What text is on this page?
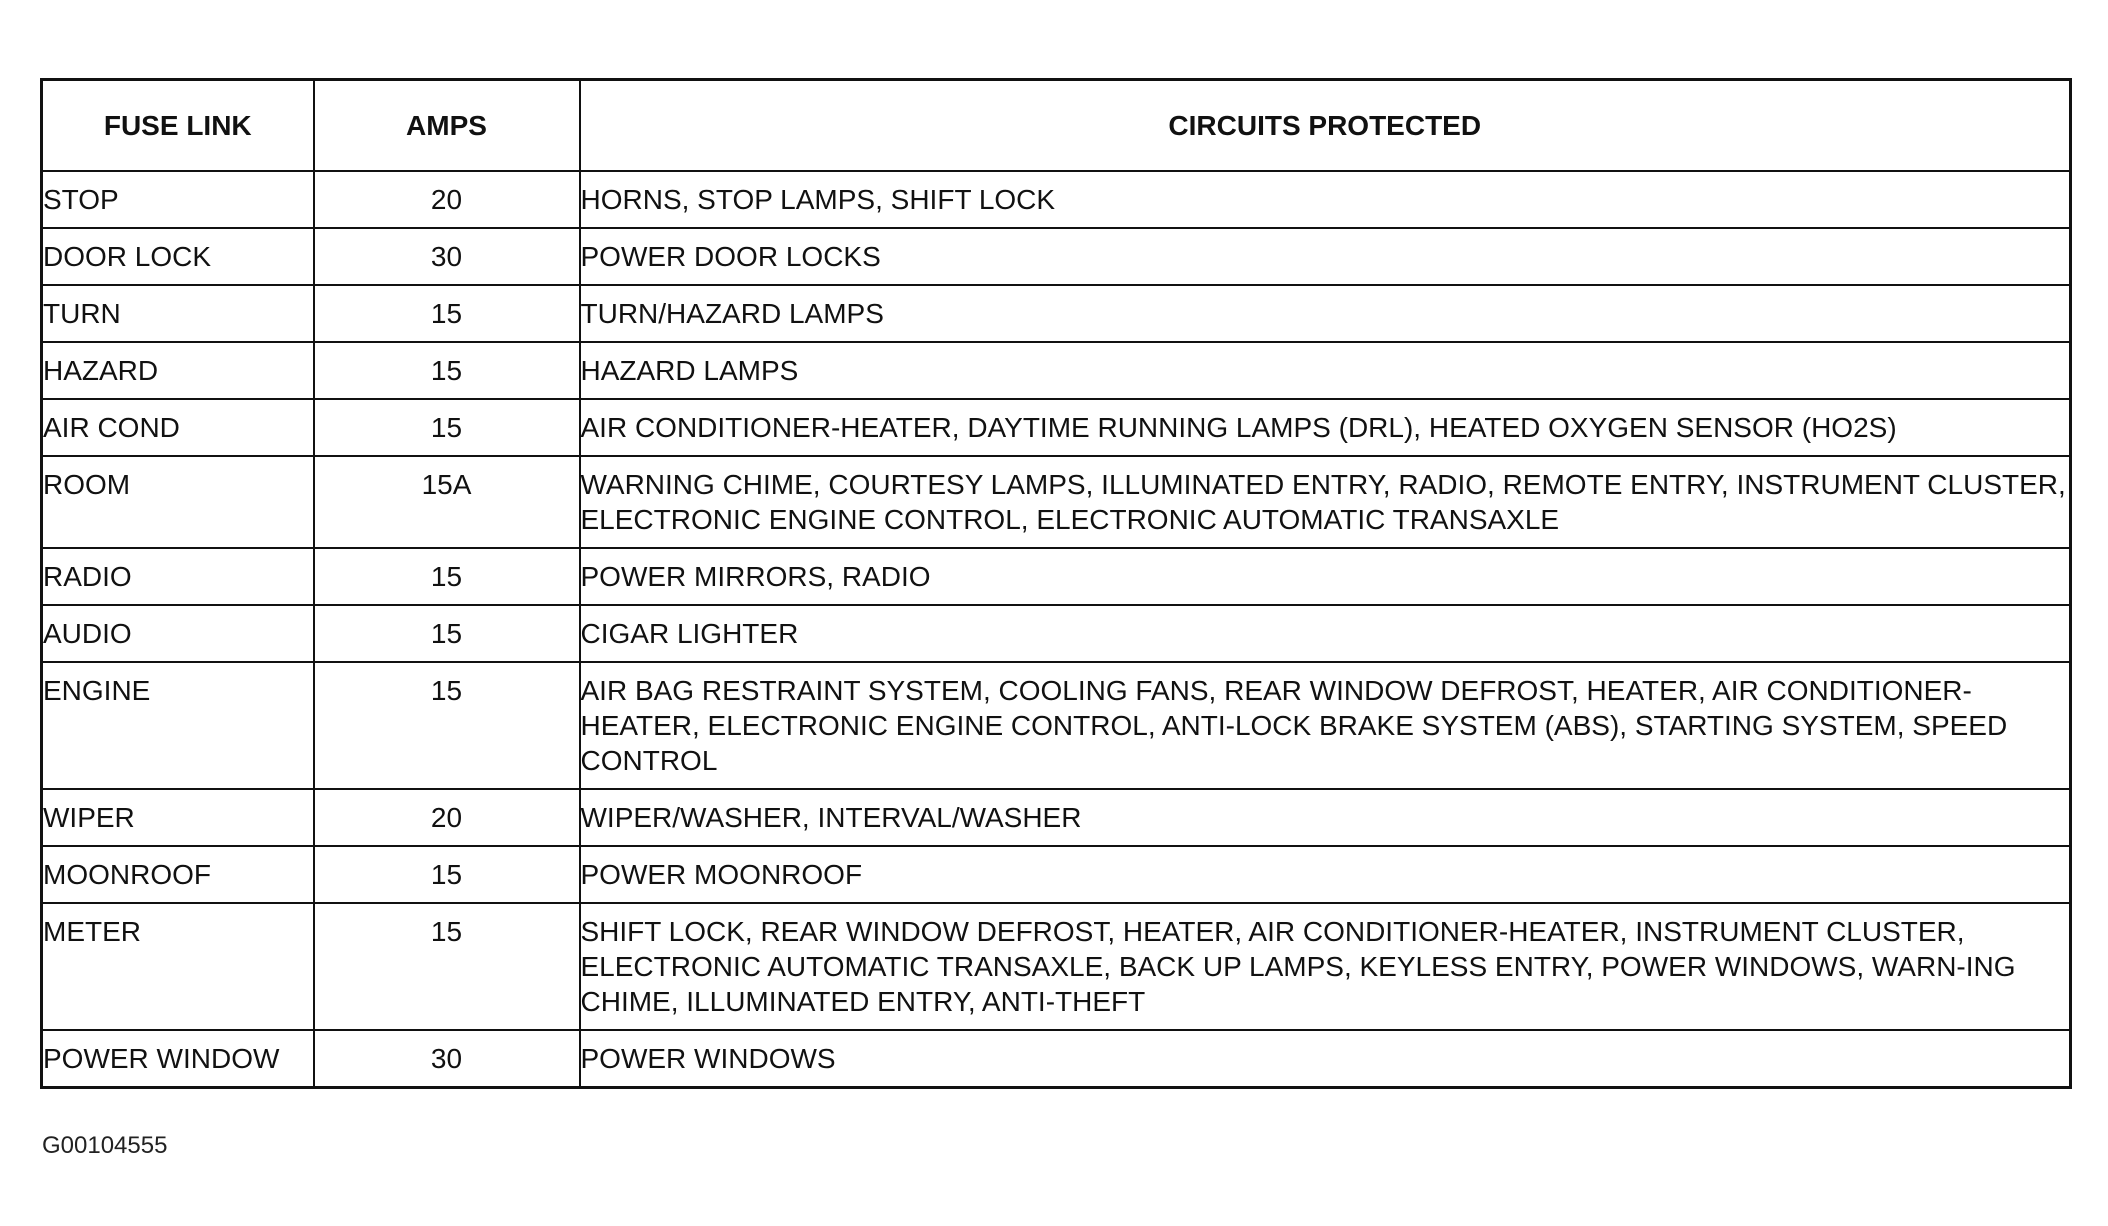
FUSE LINK	AMPS	CIRCUITS PROTECTED
STOP	20	HORNS, STOP LAMPS, SHIFT LOCK
DOOR LOCK	30	POWER DOOR LOCKS
TURN	15	TURN/HAZARD LAMPS
HAZARD	15	HAZARD LAMPS
AIR COND	15	AIR CONDITIONER-HEATER, DAYTIME RUNNING LAMPS (DRL), HEATED OXYGEN SENSOR (HO2S)
ROOM	15A	WARNING CHIME, COURTESY LAMPS, ILLUMINATED ENTRY, RADIO, REMOTE ENTRY, INSTRUMENT CLUSTER, ELECTRONIC ENGINE CONTROL, ELECTRONIC AUTOMATIC TRANSAXLE
RADIO	15	POWER MIRRORS, RADIO
AUDIO	15	CIGAR LIGHTER
ENGINE	15	AIR BAG RESTRAINT SYSTEM, COOLING FANS, REAR WINDOW DEFROST, HEATER, AIR CONDITIONER-HEATER, ELECTRONIC ENGINE CONTROL, ANTI-LOCK BRAKE SYSTEM (ABS), STARTING SYSTEM, SPEED CONTROL
WIPER	20	WIPER/WASHER, INTERVAL/WASHER
MOONROOF	15	POWER MOONROOF
METER	15	SHIFT LOCK, REAR WINDOW DEFROST, HEATER, AIR CONDITIONER-HEATER, INSTRUMENT CLUSTER, ELECTRONIC AUTOMATIC TRANSAXLE, BACK UP LAMPS, KEYLESS ENTRY, POWER WINDOWS, WARN-ING CHIME, ILLUMINATED ENTRY, ANTI-THEFT
POWER WINDOW	30	POWER WINDOWS
G00104555
